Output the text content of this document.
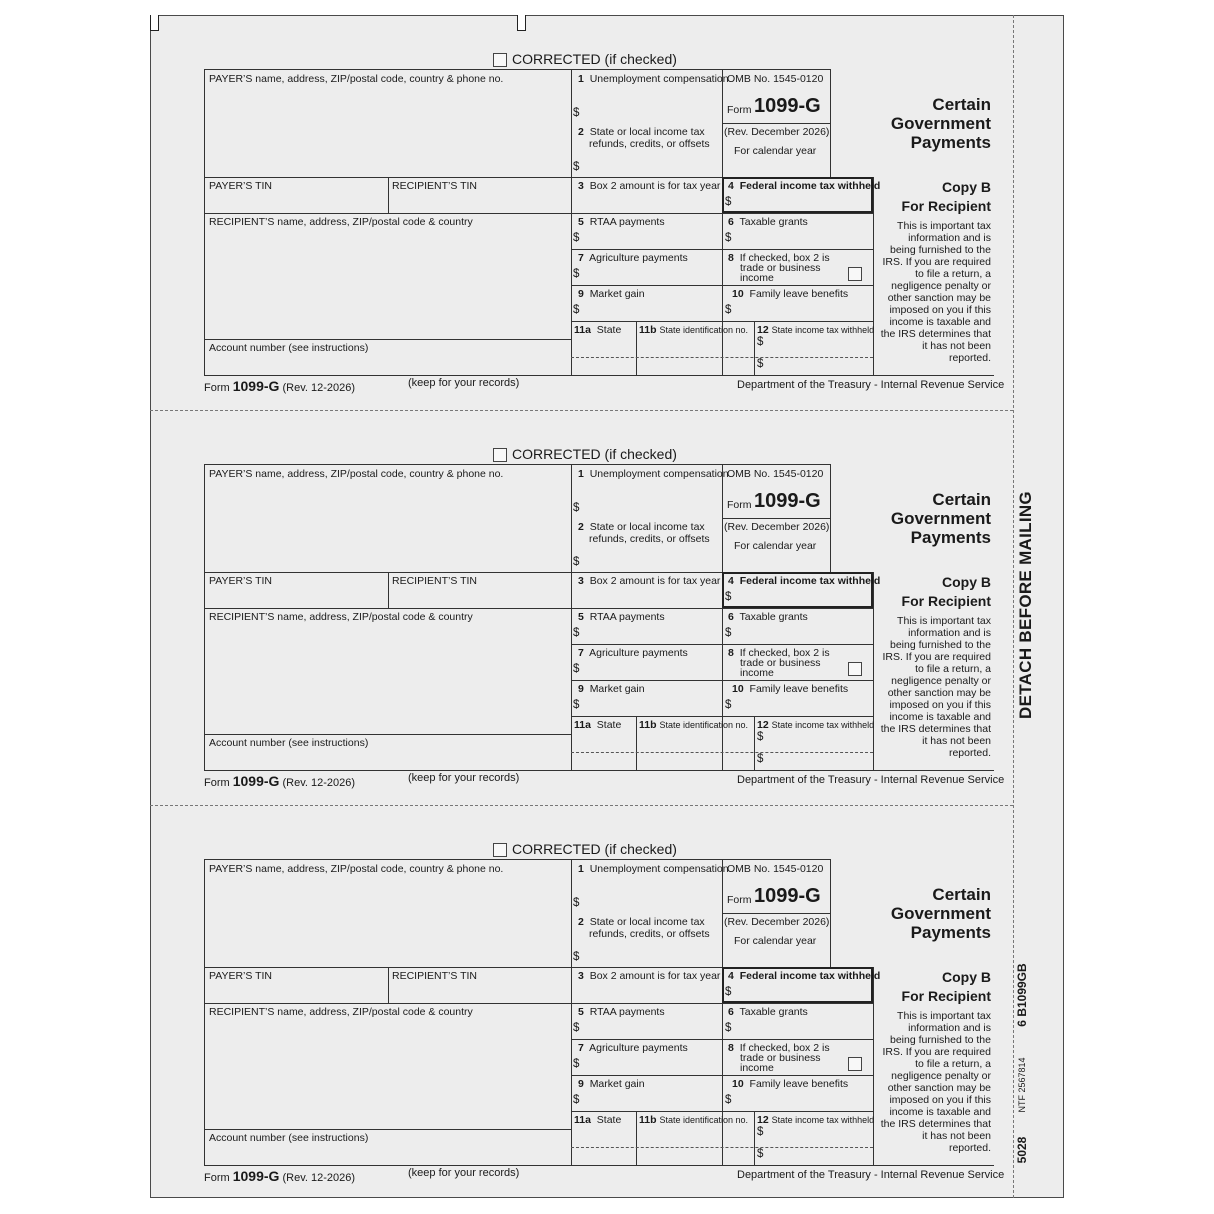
DETACH BEFORE MAILING
6 B1099GB
NTF 2567814
5028
CORRECTED (if checked)
PAYER’S name, address, ZIP/postal code, country & phone no.
PAYER’S TIN	RECIPIENT’S TIN
RECIPIENT’S name, address, ZIP/postal code & country
Account number (see instructions)
1 Unemployment compensation
$
2 State or local income tax
refunds, credits, or offsets
$
OMB No. 1545-0120
Form 1099-G
(Rev. December 2026)
For calendar year
Certain
Government
Payments
3 Box 2 amount is for tax year 4 Federal income tax withheld
$
Copy B
For Recipient
This is important tax
information and is
being furnished to the
IRS. If you are required
to file a return, a
negligence penalty or
other sanction may be
imposed on you if this
income is taxable and
the IRS determines that
it has not been
reported.
5 RTAA payments
$
6 Taxable grants
$
7 Agriculture payments
$
8 If checked, box 2 is
trade or business
income
9 Market gain
$
10 Family leave benefits
$
11a State 11b State identification no. 12 State income tax withheld
$
$
Form 1099-G (Rev. 12-2026)	(keep for your records)	Department of the Treasury - Internal Revenue Service
CORRECTED (if checked)
PAYER’S name, address, ZIP/postal code, country & phone no.
PAYER’S TIN	RECIPIENT’S TIN
RECIPIENT’S name, address, ZIP/postal code & country
Account number (see instructions)
1 Unemployment compensation
$
2 State or local income tax
refunds, credits, or offsets
$
OMB No. 1545-0120
Form 1099-G
(Rev. December 2026)
For calendar year
Certain
Government
Payments
3 Box 2 amount is for tax year 4 Federal income tax withheld
$
Copy B
For Recipient
This is important tax
information and is
being furnished to the
IRS. If you are required
to file a return, a
negligence penalty or
other sanction may be
imposed on you if this
income is taxable and
the IRS determines that
it has not been
reported.
5 RTAA payments
$
6 Taxable grants
$
7 Agriculture payments
$
8 If checked, box 2 is
trade or business
income
9 Market gain
$
10 Family leave benefits
$
11a State 11b State identification no. 12 State income tax withheld
$
$
Form 1099-G (Rev. 12-2026)	(keep for your records)	Department of the Treasury - Internal Revenue Service
CORRECTED (if checked)
PAYER’S name, address, ZIP/postal code, country & phone no.
PAYER’S TIN	RECIPIENT’S TIN
RECIPIENT’S name, address, ZIP/postal code & country
Account number (see instructions)
1 Unemployment compensation
$
2 State or local income tax
refunds, credits, or offsets
$
OMB No. 1545-0120
Form 1099-G
(Rev. December 2026)
For calendar year
Certain
Government
Payments
3 Box 2 amount is for tax year 4 Federal income tax withheld
$
Copy B
For Recipient
This is important tax
information and is
being furnished to the
IRS. If you are required
to file a return, a
negligence penalty or
other sanction may be
imposed on you if this
income is taxable and
the IRS determines that
it has not been
reported.
5 RTAA payments
$
6 Taxable grants
$
7 Agriculture payments
$
8 If checked, box 2 is
trade or business
income
9 Market gain
$
10 Family leave benefits
$
11a State 11b State identification no. 12 State income tax withheld
$
$
Form 1099-G (Rev. 12-2026)	(keep for your records)	Department of the Treasury - Internal Revenue Service
